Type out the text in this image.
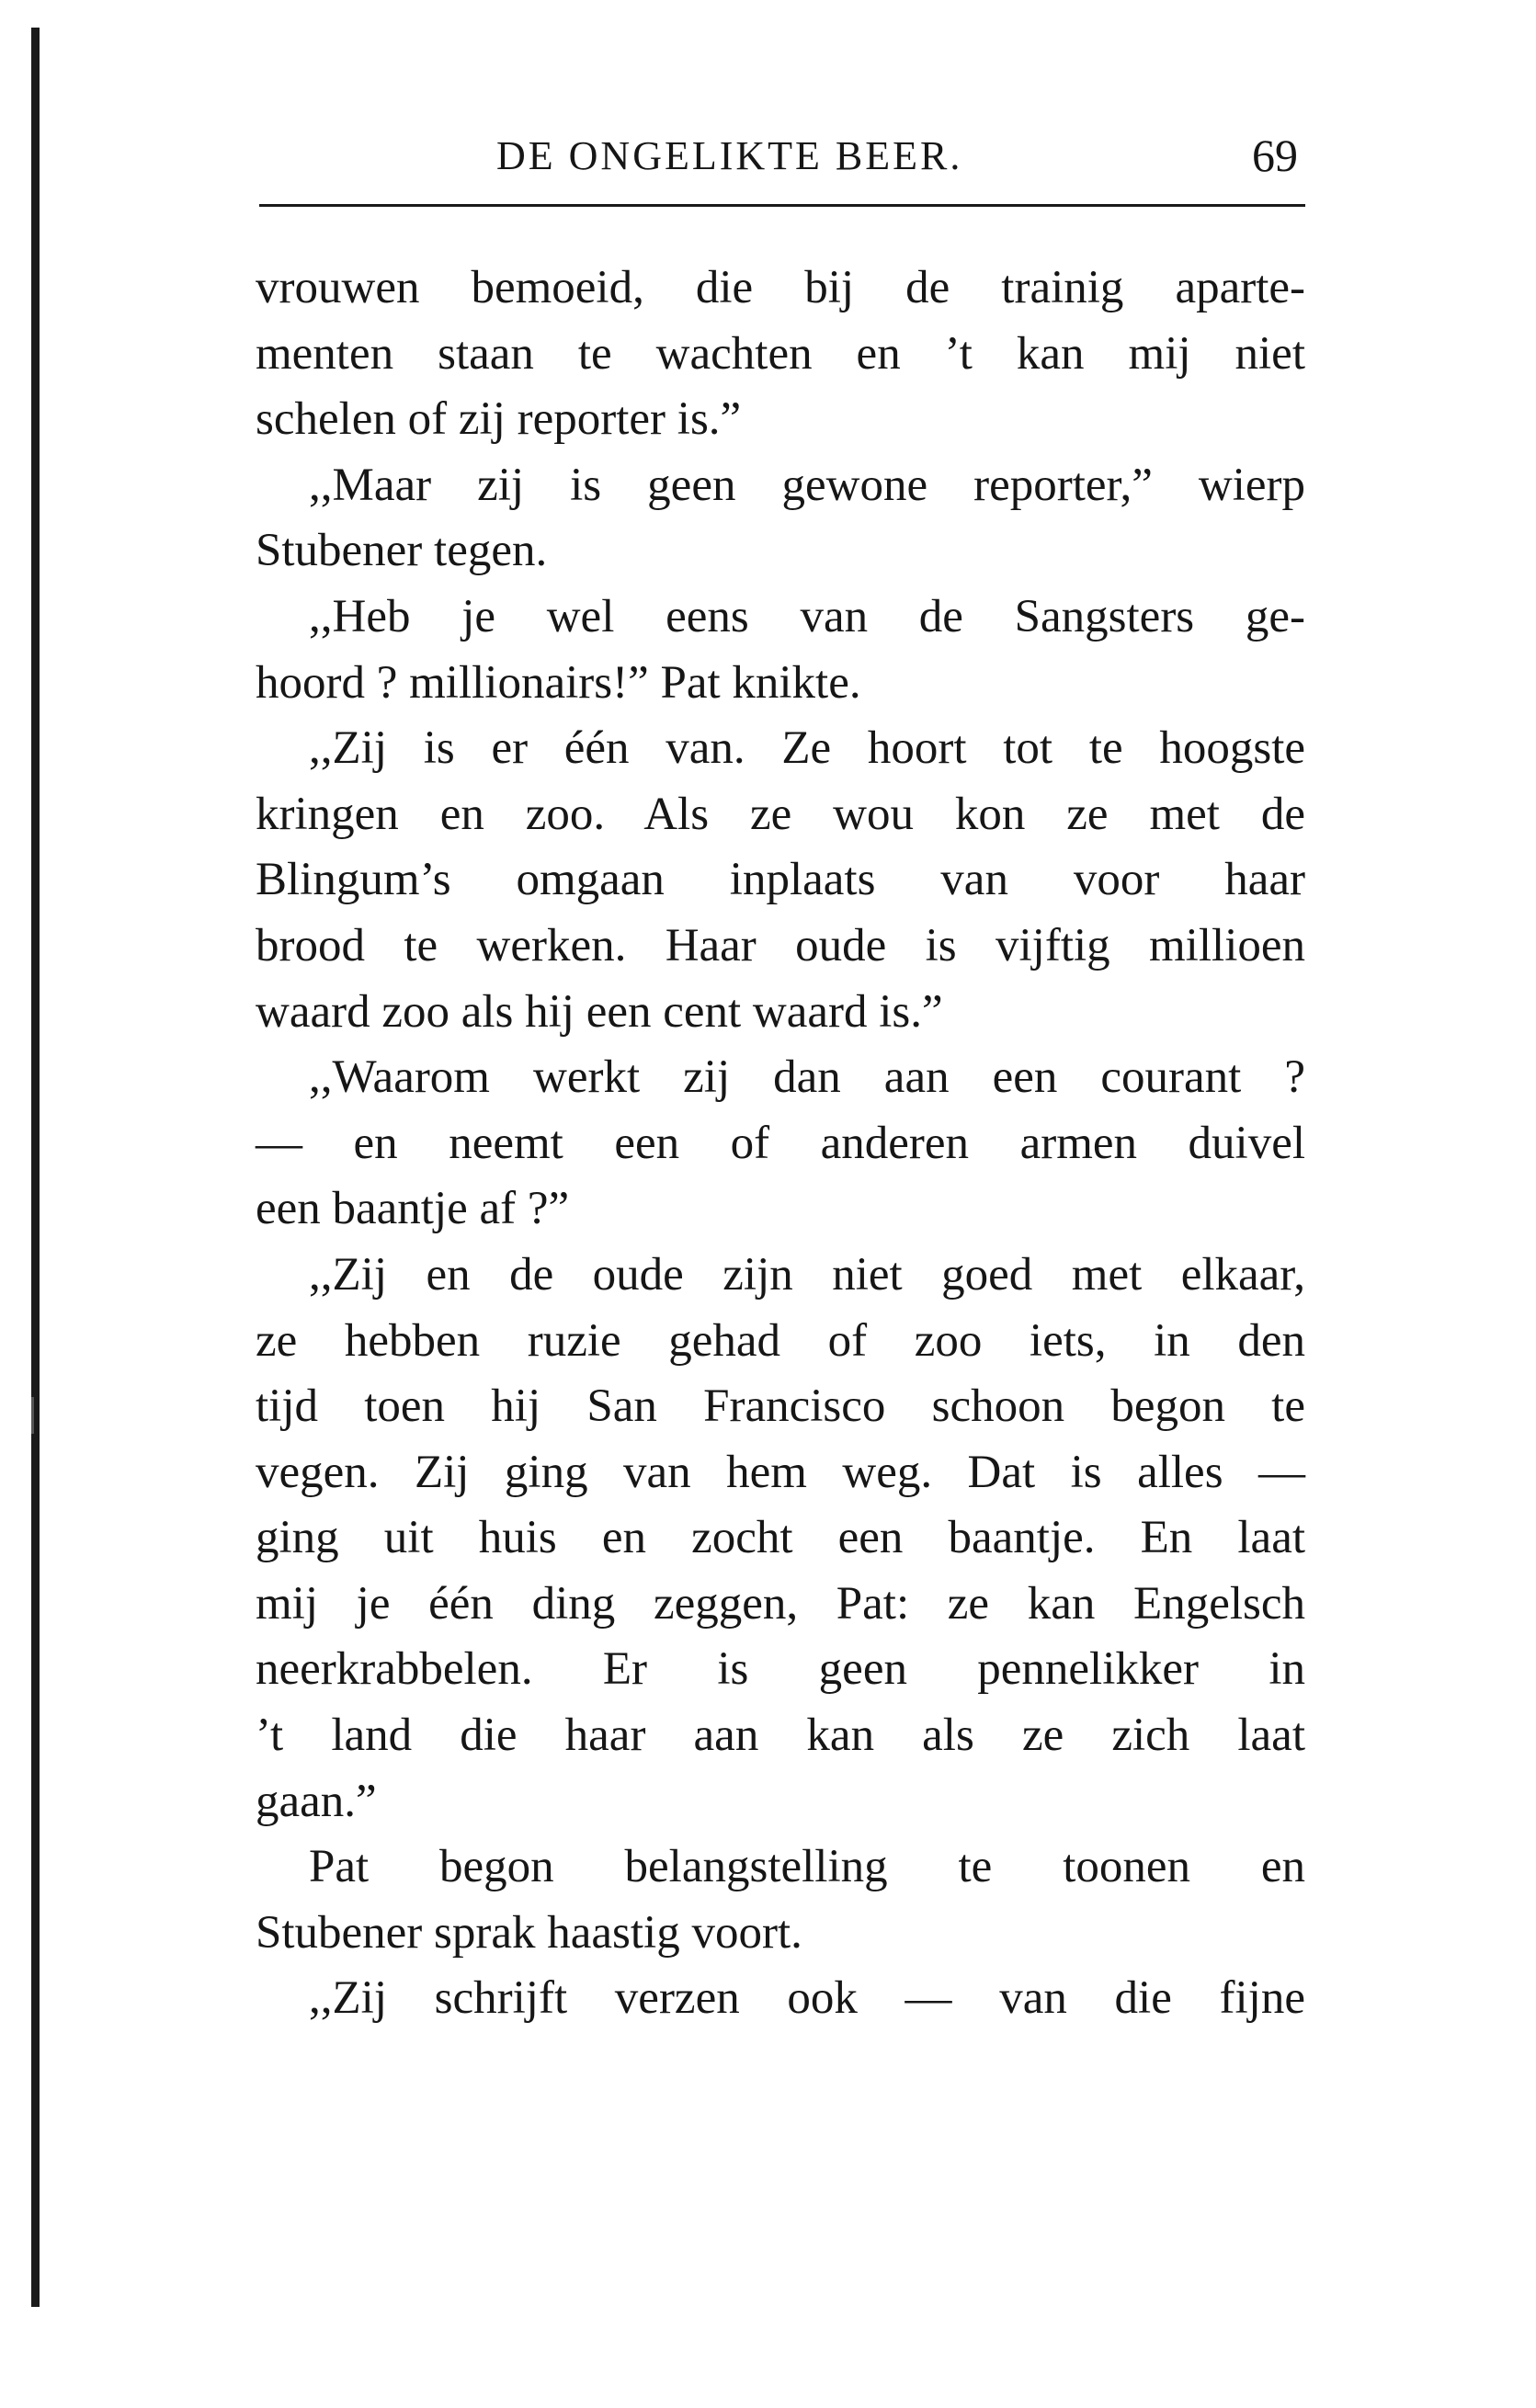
DE ONGELIKTE BEER.	69
vrouwen bemoeid, die bij de trainig aparte-
menten staan te wachten en ’t kan mij niet
schelen of zij reporter is.”
,,Maar zij is geen gewone reporter,” wierp
Stubener tegen.
,,Heb je wel eens van de Sangsters ge-
hoord ? millionairs!” Pat knikte.
,,Zij is er één van. Ze hoort tot te hoogste
kringen en zoo. Als ze wou kon ze met de
Blingum’s omgaan inplaats van voor haar
brood te werken. Haar oude is vijftig millioen
waard zoo als hij een cent waard is.”
,,Waarom werkt zij dan aan een courant ?
— en neemt een of anderen armen duivel
een baantje af ?”
,,Zij en de oude zijn niet goed met elkaar,
ze hebben ruzie gehad of zoo iets, in den
tijd toen hij San Francisco schoon begon te
vegen. Zij ging van hem weg. Dat is alles —
ging uit huis en zocht een baantje. En laat
mij je één ding zeggen, Pat: ze kan Engelsch
neerkrabbelen. Er is geen pennelikker in
’t land die haar aan kan als ze zich laat
gaan.”
Pat begon belangstelling te toonen en
Stubener sprak haastig voort.
,,Zij schrijft verzen ook — van die fijne
